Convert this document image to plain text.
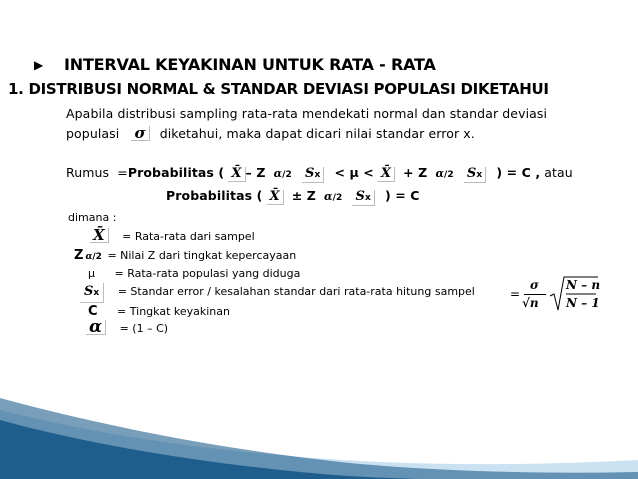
▶ INTERVAL KEYAKINAN UNTUK RATA - RATA
1. DISTRIBUSI NORMAL & STANDAR DEVIASI POPULASI DIKETAHUI
Apabila distribusi sampling rata-rata mendekati normal dan standar deviasi
populasi σ diketahui, maka dapat dicari nilai standar error x.
Rumus =Probabilitas ( X̄ – Z α/2 Sx < μ < X̄ + Z α/2 Sx ) = C , atau
Probabilitas ( X̄ ± Z α/2 Sx ) = C
dimana :
X̄ = Rata-rata dari sampel
Z α/2 = Nilai Z dari tingkat kepercayaan
μ = Rata-rata populasi yang diduga
Sx = Standar error / kesalahan standar dari rata-rata hitung sampel
C = Tingkat keyakinan
α = (1 – C)
=
σ
√n
N – n
N – 1
